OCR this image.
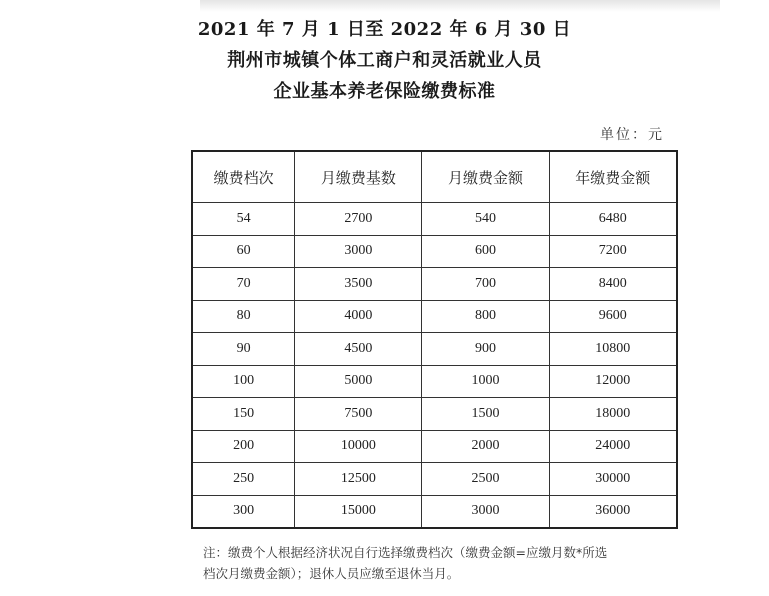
2021 年 7 月 1 日至 2022 年 6 月 30 日
荆州市城镇个体工商户和灵活就业人员
企业基本养老保险缴费标准
单位：元
缴费档次	月缴费基数	月缴费金额	年缴费金额
54	2700	540	6480
60	3000	600	7200
70	3500	700	8400
80	4000	800	9600
90	4500	900	10800
100	5000	1000	12000
150	7500	1500	18000
200	10000	2000	24000
250	12500	2500	30000
300	15000	3000	36000
注：缴费个人根据经济状况自行选择缴费档次（缴费金额=应缴月数*所选
档次月缴费金额）；退休人员应缴至退休当月。
